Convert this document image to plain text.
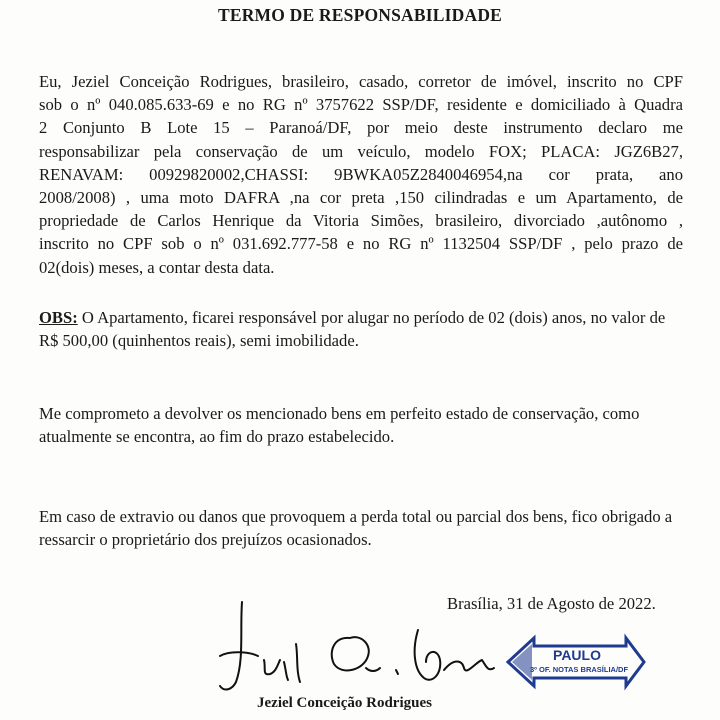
TERMO DE RESPONSABILIDADE
Eu, Jeziel Conceição Rodrigues, brasileiro, casado, corretor de imóvel, inscrito no CPF
sob o nº 040.085.633-69 e no RG nº 3757622 SSP/DF, residente e domiciliado à Quadra
2 Conjunto B Lote 15 – Paranoá/DF, por meio deste instrumento declaro me
responsabilizar pela conservação de um veículo, modelo FOX; PLACA: JGZ6B27,
RENAVAM: 00929820002,CHASSI: 9BWKA05Z2840046954,na cor prata, ano
2008/2008) , uma moto DAFRA ,na cor preta ,150 cilindradas e um Apartamento, de
propriedade de Carlos Henrique da Vitoria Simões, brasileiro, divorciado ,autônomo ,
inscrito no CPF sob o nº 031.692.777-58 e no RG nº 1132504 SSP/DF , pelo prazo de
02(dois) meses, a contar desta data.

OBS: O Apartamento, ficarei responsável por alugar no período de 02 (dois) anos, no valor de R$ 500,00 (quinhentos reais), semi imobilidade.

Me comprometo a devolver os mencionado bens em perfeito estado de conservação, como atualmente se encontra, ao fim do prazo estabelecido.

Em caso de extravio ou danos que provoquem a perda total ou parcial dos bens, fico obrigado a ressarcir o proprietário dos prejuízos ocasionados.

Brasília, 31 de Agosto de 2022.
Jeziel Conceição Rodrigues
PAULO
3º OF. NOTAS BRASÍLIA/DF
